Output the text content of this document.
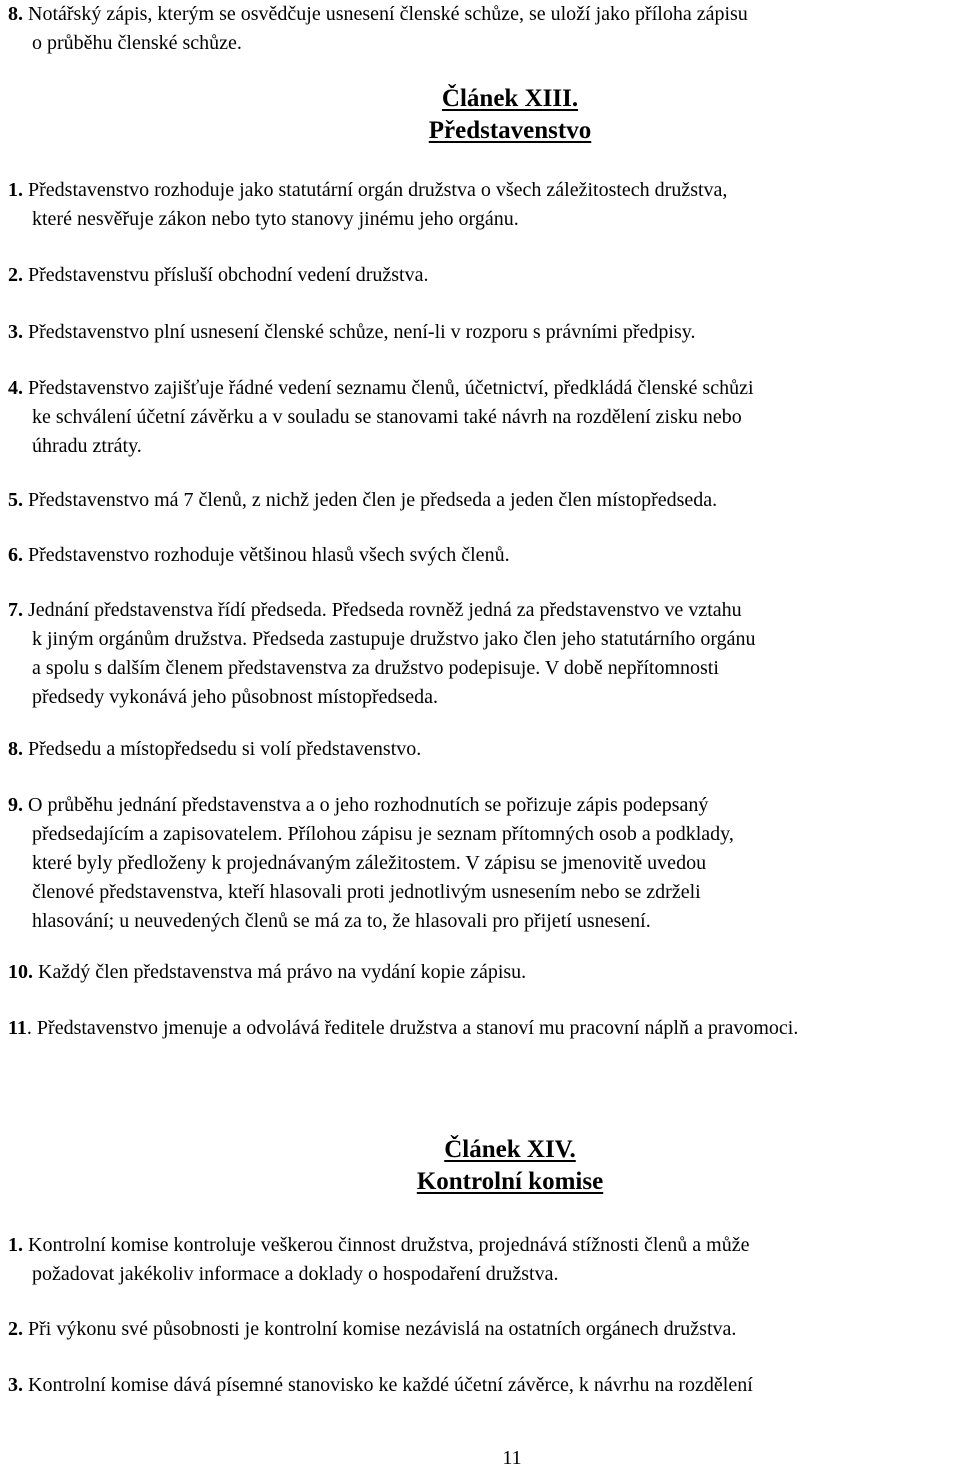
8. Notářský zápis, kterým se osvědčuje usnesení členské schůze, se uloží jako příloha zápisu
o průběhu členské schůze.
Článek XIII.
Představenstvo
1. Představenstvo rozhoduje jako statutární orgán družstva o všech záležitostech družstva,
které nesvěřuje zákon nebo tyto stanovy jinému jeho orgánu.
2. Představenstvu přísluší obchodní vedení družstva.
3. Představenstvo plní usnesení členské schůze, není-li v rozporu s právními předpisy.
4. Představenstvo zajišťuje řádné vedení seznamu členů, účetnictví, předkládá členské schůzi
ke schválení účetní závěrku a v souladu se stanovami také návrh na rozdělení zisku nebo
úhradu ztráty.
5. Představenstvo má 7 členů, z nichž jeden člen je předseda a jeden člen místopředseda.
6. Představenstvo rozhoduje většinou hlasů všech svých členů.
7. Jednání představenstva řídí předseda. Předseda rovněž jedná za představenstvo ve vztahu
k jiným orgánům družstva. Předseda zastupuje družstvo jako člen jeho statutárního orgánu
a spolu s dalším členem představenstva za družstvo podepisuje. V době nepřítomnosti
předsedy vykonává jeho působnost místopředseda.
8. Předsedu a místopředsedu si volí představenstvo.
9. O průběhu jednání představenstva a o jeho rozhodnutích se pořizuje zápis podepsaný
předsedajícím a zapisovatelem. Přílohou zápisu je seznam přítomných osob a podklady,
které byly předloženy k projednávaným záležitostem. V zápisu se jmenovitě uvedou
členové představenstva, kteří hlasovali proti jednotlivým usnesením nebo se zdrželi
hlasování; u neuvedených členů se má za to, že hlasovali pro přijetí usnesení.
10. Každý člen představenstva má právo na vydání kopie zápisu.
11. Představenstvo jmenuje a odvolává ředitele družstva a stanoví mu pracovní náplň a pravomoci.
Článek XIV.
Kontrolní komise
1. Kontrolní komise kontroluje veškerou činnost družstva, projednává stížnosti členů a může
požadovat jakékoliv informace a doklady o hospodaření družstva.
2. Při výkonu své působnosti je kontrolní komise nezávislá na ostatních orgánech družstva.
3. Kontrolní komise dává písemné stanovisko ke každé účetní závěrce, k návrhu na rozdělení
11
